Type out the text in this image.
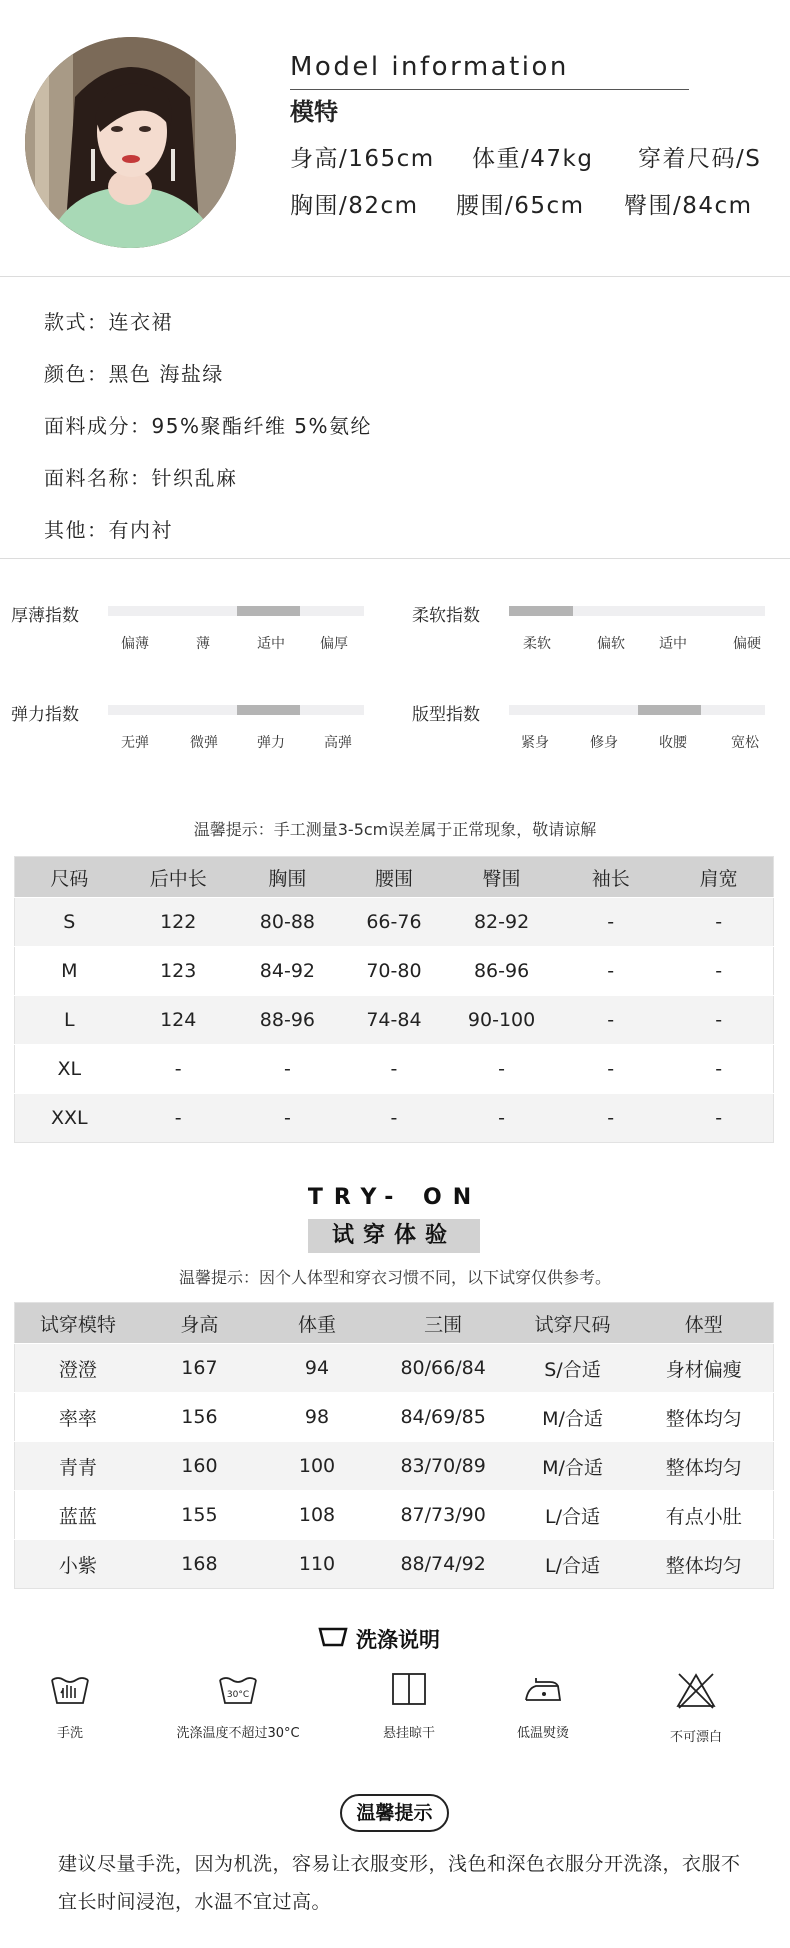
Model information
模特
身高/165cm 体重/47kg 穿着尺码/S
胸围/82cm 腰围/65cm 臀围/84cm
款式：连衣裙
颜色：黑色 海盐绿
面料成分：95%聚酯纤维 5%氨纶
面料名称：针织乱麻
其他：有内衬
厚薄指数
偏薄	薄	适中	偏厚
柔软指数
柔软	偏软 适中	偏硬
弹力指数
无弹	微弹	弹力	高弹
版型指数
紧身	修身	收腰	宽松
温馨提示：手工测量3-5cm误差属于正常现象，敬请谅解
尺码	后中长	胸围	腰围	臀围	袖长	肩宽
S	122	80-88	66-76	82-92	-	-
M	123	84-92	70-80	86-96	-	-
L	124	88-96	74-84	90-100	-	-
XL	-	-	-	-	-	-
XXL	-	-	-	-	-	-
TRY- ON
试穿体验
温馨提示：因个人体型和穿衣习惯不同，以下试穿仅供参考。
试穿模特	身高	体重	三围	试穿尺码	体型
澄澄	167	94	80/66/84	S/合适	身材偏瘦
率率	156	98	84/69/85	M/合适	整体均匀
青青	160	100	83/70/89	M/合适	整体均匀
蓝蓝	155	108	87/73/90	L/合适	有点小肚
小紫	168	110	88/74/92	L/合适	整体均匀
洗涤说明
手洗
30°C
洗涤温度不超过30°C	悬挂晾干	低温熨烫	不可漂白
温馨提示
建议尽量手洗，因为机洗，容易让衣服变形，浅色和深色衣服分开洗涤，衣服不宜长时间浸泡，水温不宜过高。
